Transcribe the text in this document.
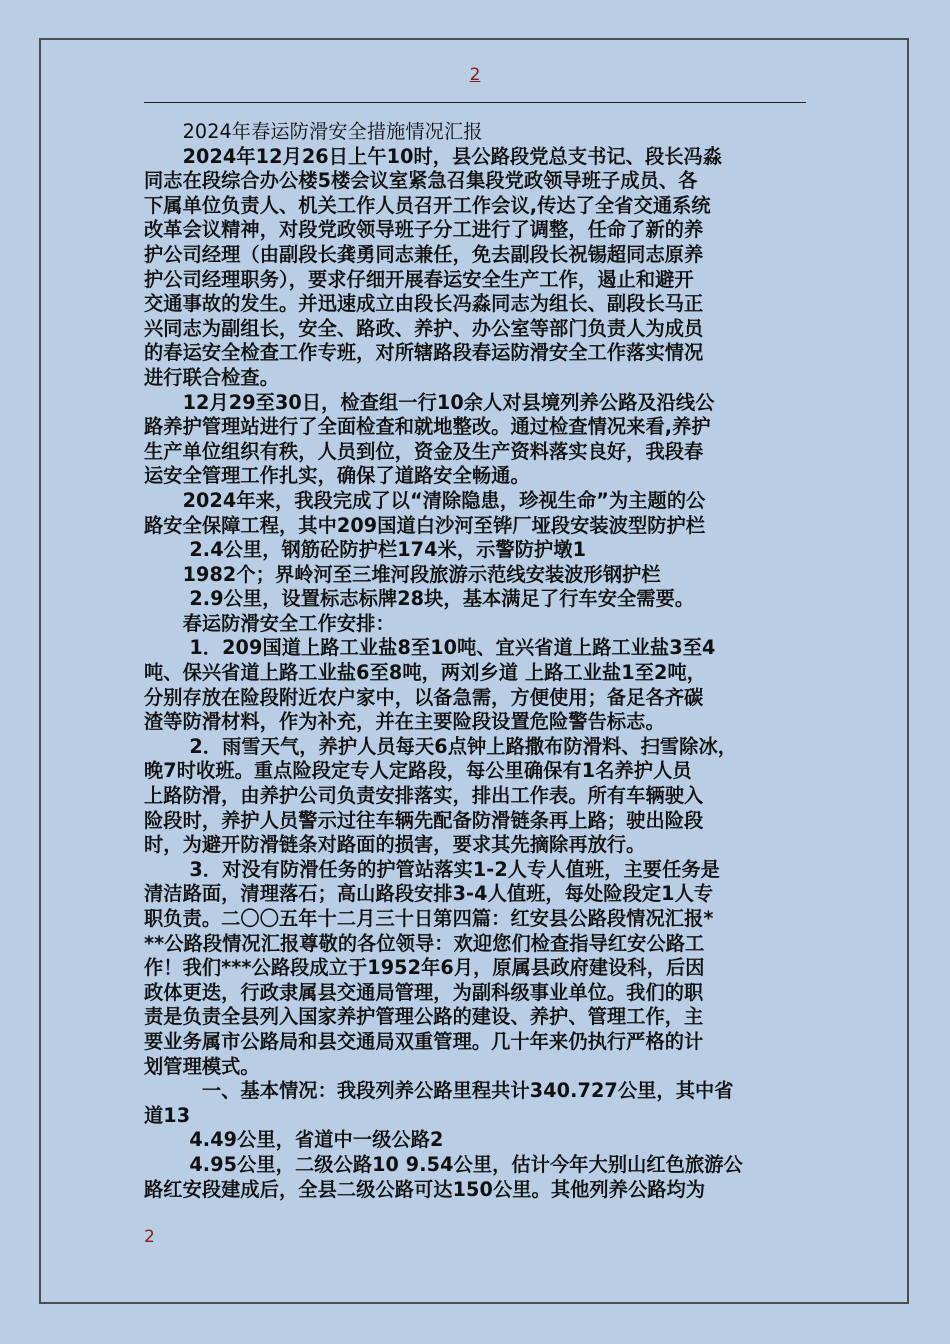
2
　　2024年春运防滑安全措施情况汇报
　　2024年12月26日上午10时，县公路段党总支书记、段长冯淼
同志在段综合办公楼5楼会议室紧急召集段党政领导班子成员、各
下属单位负责人、机关工作人员召开工作会议,传达了全省交通系统
改革会议精神，对段党政领导班子分工进行了调整，任命了新的养
护公司经理（由副段长龚勇同志兼任，免去副段长祝锡超同志原养
护公司经理职务），要求仔细开展春运安全生产工作，遏止和避开
交通事故的发生。并迅速成立由段长冯淼同志为组长、副段长马正
兴同志为副组长，安全、路政、养护、办公室等部门负责人为成员
的春运安全检查工作专班，对所辖路段春运防滑安全工作落实情况
进行联合检查。
　　12月29至30日，检查组一行10余人对县境列养公路及沿线公
路养护管理站进行了全面检查和就地整改。通过检查情况来看,养护
生产单位组织有秩，人员到位，资金及生产资料落实良好，我段春
运安全管理工作扎实，确保了道路安全畅通。
　　2024年来，我段完成了以“清除隐患，珍视生命”为主题的公
路安全保障工程，其中209国道白沙河至铧厂垭段安装波型防护栏
　　 2.4公里，钢筋砼防护栏174米，示警防护墩1
　　1982个；界岭河至三堆河段旅游示范线安装波形钢护栏
　　 2.9公里，设置标志标牌28块，基本满足了行车安全需要。
　　春运防滑安全工作安排：
　　 1．209国道上路工业盐8至10吨、宜兴省道上路工业盐3至4
吨、保兴省道上路工业盐6至8吨，两刘乡道 上路工业盐1至2吨，
分别存放在险段附近农户家中，以备急需，方便使用；备足各齐碳
渣等防滑材料，作为补充，并在主要险段设置危险警告标志。
　　 2．雨雪天气，养护人员每天6点钟上路撒布防滑料、扫雪除冰，
晚7时收班。重点险段定专人定路段，每公里确保有1名养护人员
上路防滑，由养护公司负责安排落实，排出工作表。所有车辆驶入
险段时，养护人员警示过往车辆先配备防滑链条再上路；驶出险段
时，为避开防滑链条对路面的损害，要求其先摘除再放行。
　　 3．对没有防滑任务的护管站落实1-2人专人值班，主要任务是
清洁路面，清理落石；高山路段安排3-4人值班，每处险段定1人专
职负责。二〇〇五年十二月三十日第四篇：红安县公路段情况汇报*
**公路段情况汇报尊敬的各位领导：欢迎您们检查指导红安公路工
作！我们***公路段成立于1952年6月，原属县政府建设科，后因
政体更迭，行政隶属县交通局管理，为副科级事业单位。我们的职
责是负责全县列入国家养护管理公路的建设、养护、管理工作，主
要业务属市公路局和县交通局双重管理。几十年来仍执行严格的计
划管理模式。
　　　一、基本情况：我段列养公路里程共计340.727公里，其中省
道13
　　 4.49公里，省道中一级公路2
　　 4.95公里，二级公路10 9.54公里，估计今年大别山红色旅游公
路红安段建成后，全县二级公路可达150公里。其他列养公路均为
2
